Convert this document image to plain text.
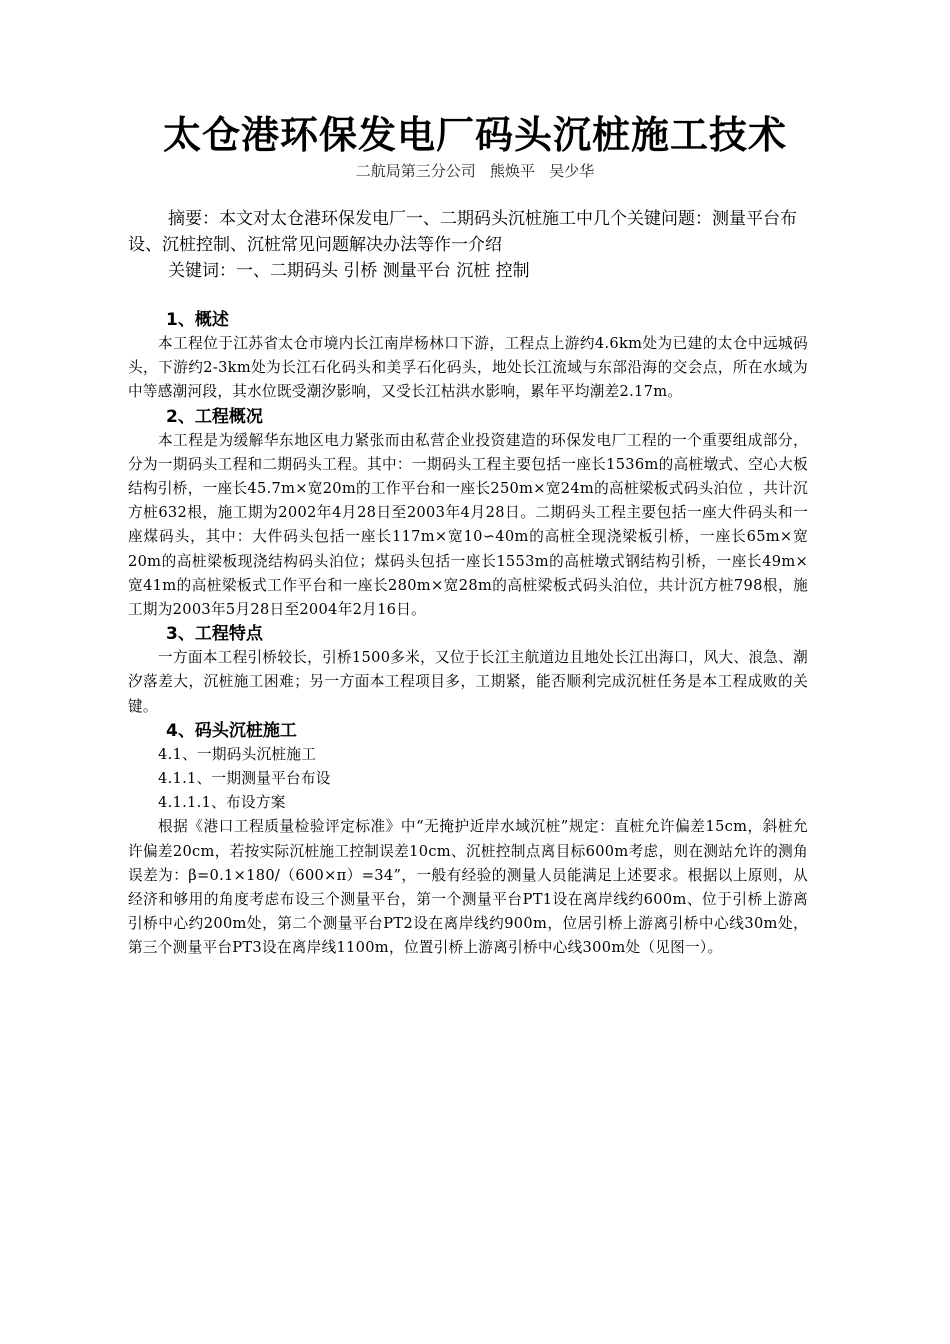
太仓港环保发电厂码头沉桩施工技术
二航局第三分公司   熊焕平   吴少华

摘要：本文对太仓港环保发电厂一、二期码头沉桩施工中几个关键问题：测量平台布设、沉桩控制、沉桩常见问题解决办法等作一介绍

关键词：一、二期码头 引桥 测量平台 沉桩 控制

1、概述

本工程位于江苏省太仓市境内长江南岸杨林口下游，工程点上游约4.6km处为已建的太仓中远城码头，下游约2-3km处为长江石化码头和美孚石化码头，地处长江流域与东部沿海的交会点，所在水域为中等感潮河段，其水位既受潮汐影响，又受长江枯洪水影响，累年平均潮差2.17m。

2、工程概况

本工程是为缓解华东地区电力紧张而由私营企业投资建造的环保发电厂工程的一个重要组成部分，分为一期码头工程和二期码头工程。其中：一期码头工程主要包括一座长1536m的高桩墩式、空心大板结构引桥，一座长45.7m×宽20m的工作平台和一座长250m×宽24m的高桩梁板式码头泊位 ，共计沉方桩632根，施工期为2002年4月28日至2003年4月28日。二期码头工程主要包括一座大件码头和一座煤码头，其中：大件码头包括一座长117m×宽10∽40m的高桩全现浇梁板引桥，一座长65m×宽20m的高桩梁板现浇结构码头泊位；煤码头包括一座长1553m的高桩墩式钢结构引桥，一座长49m×宽41m的高桩梁板式工作平台和一座长280m×宽28m的高桩梁板式码头泊位，共计沉方桩798根，施工期为2003年5月28日至2004年2月16日。

3、工程特点

一方面本工程引桥较长，引桥1500多米，又位于长江主航道边且地处长江出海口，风大、浪急、潮汐落差大，沉桩施工困难；另一方面本工程项目多，工期紧，能否顺利完成沉桩任务是本工程成败的关键。

4、码头沉桩施工

4.1、一期码头沉桩施工

4.1.1、一期测量平台布设

4.1.1.1、布设方案

根据《港口工程质量检验评定标准》中“无掩护近岸水域沉桩”规定：直桩允许偏差15cm，斜桩允许偏差20cm，若按实际沉桩施工控制误差10cm、沉桩控制点离目标600m考虑，则在测站允许的测角误差为：β=0.1×180/（600×π）=34”，一般有经验的测量人员能满足上述要求。根据以上原则，从经济和够用的角度考虑布设三个测量平台，第一个测量平台PT1设在离岸线约600m、位于引桥上游离引桥中心约200m处，第二个测量平台PT2设在离岸线约900m，位居引桥上游离引桥中心线30m处，第三个测量平台PT3设在离岸线1100m，位置引桥上游离引桥中心线300m处（见图一）。
